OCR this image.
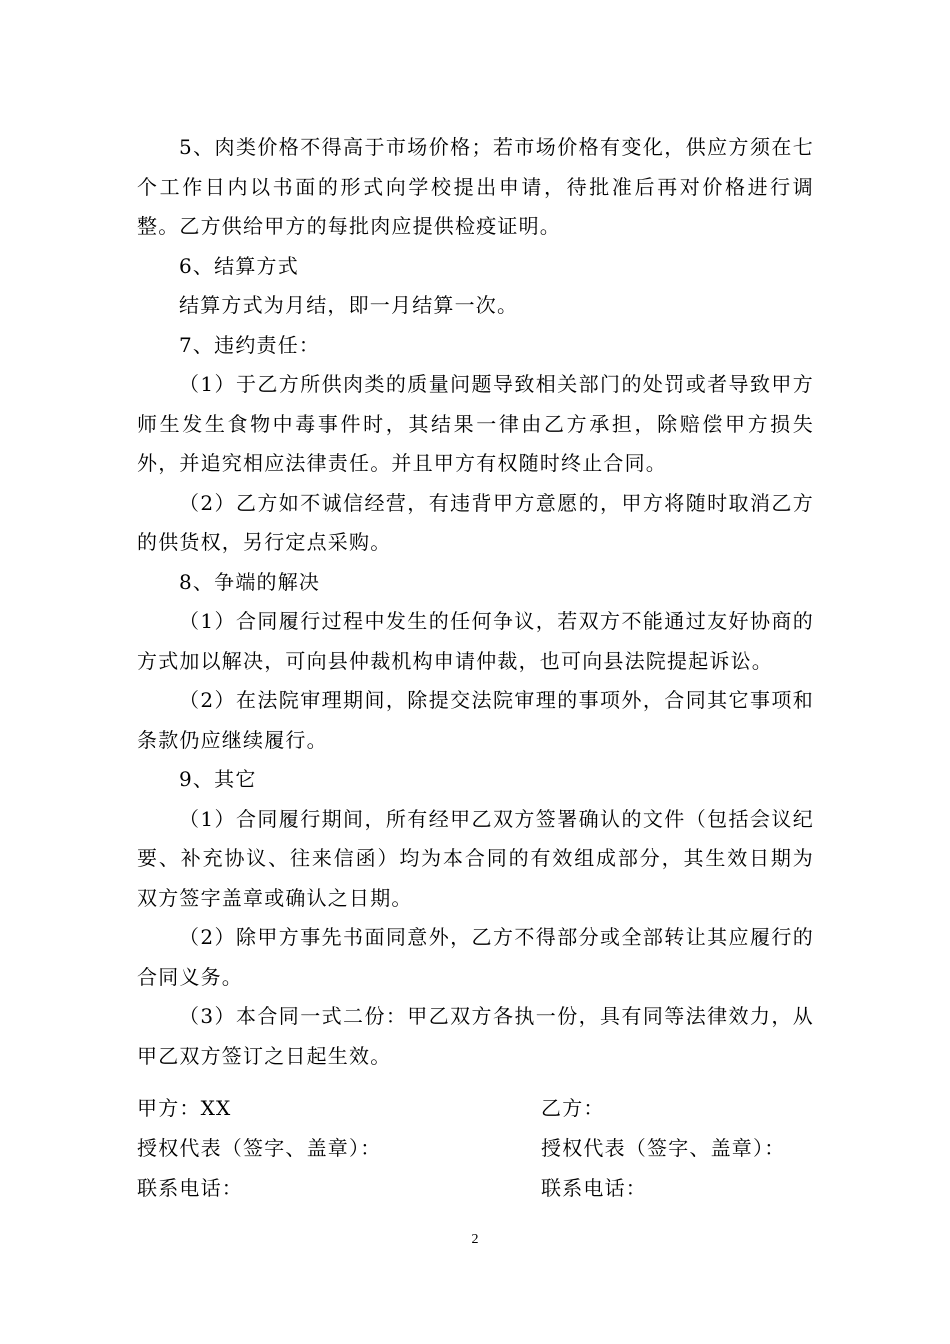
5、肉类价格不得高于市场价格；若市场价格有变化，供应方须在七个工作日内以书面的形式向学校提出申请，待批准后再对价格进行调整。乙方供给甲方的每批肉应提供检疫证明。

6、结算方式

结算方式为月结，即一月结算一次。

7、违约责任：

（1）于乙方所供肉类的质量问题导致相关部门的处罚或者导致甲方师生发生食物中毒事件时，其结果一律由乙方承担，除赔偿甲方损失外，并追究相应法律责任。并且甲方有权随时终止合同。

（2）乙方如不诚信经营，有违背甲方意愿的，甲方将随时取消乙方的供货权，另行定点采购。

8、争端的解决

（1）合同履行过程中发生的任何争议，若双方不能通过友好协商的方式加以解决，可向县仲裁机构申请仲裁，也可向县法院提起诉讼。

（2）在法院审理期间，除提交法院审理的事项外，合同其它事项和条款仍应继续履行。

9、其它

（1）合同履行期间，所有经甲乙双方签署确认的文件（包括会议纪要、补充协议、往来信函）均为本合同的有效组成部分，其生效日期为双方签字盖章或确认之日期。

（2）除甲方事先书面同意外，乙方不得部分或全部转让其应履行的合同义务。

（3）本合同一式二份：甲乙双方各执一份，具有同等法律效力，从甲乙双方签订之日起生效。

甲方：XX	乙方：
授权代表（签字、盖章）：	授权代表（签字、盖章）：
联系电话：	联系电话：
2
